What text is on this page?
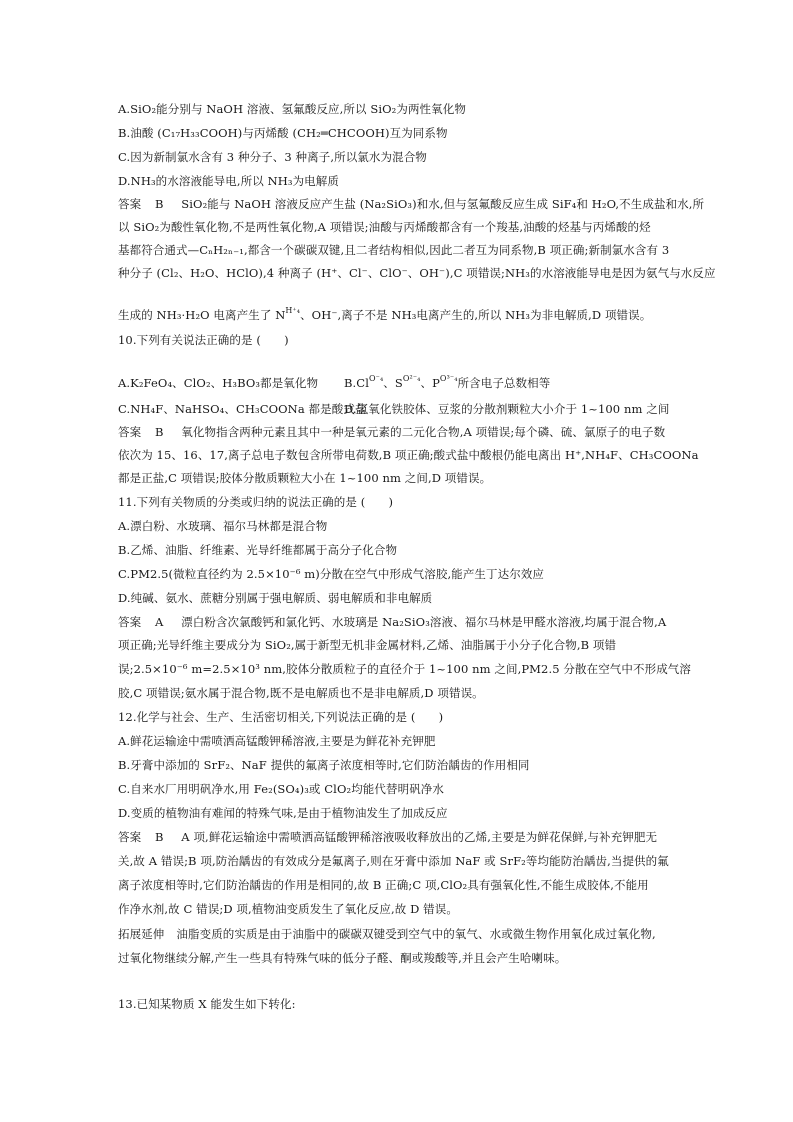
A.SiO₂能分别与 NaOH 溶液、氢氟酸反应,所以 SiO₂为两性氧化物
B.油酸 (C₁₇H₃₃COOH)与丙烯酸 (CH₂═CHCOOH)互为同系物
C.因为新制氯水含有 3 种分子、3 种离子,所以氯水为混合物
D.NH₃的水溶液能导电,所以 NH₃为电解质
答案 B SiO₂能与 NaOH 溶液反应产生盐 (Na₂SiO₃)和水,但与氢氟酸反应生成 SiF₄和 H₂O,不生成盐和水,所
以 SiO₂为酸性氧化物,不是两性氧化物,A 项错误;油酸与丙烯酸都含有一个羧基,油酸的烃基与丙烯酸的烃
基都符合通式—CₙH₂ₙ₋₁,都含一个碳碳双键,且二者结构相似,因此二者互为同系物,B 项正确;新制氯水含有 3
种分子 (Cl₂、H₂O、HClO),4 种离子 (H⁺、Cl⁻、ClO⁻、OH⁻),C 项错误;NH₃的水溶液能导电是因为氨气与水反应
生成的 NH₃·H₂O 电离产生了 $N^{H^+_4}$、OH⁻,离子不是 NH₃电离产生的,所以 NH₃为非电解质,D 项错误。
10.下列有关说法正确的是 (　　)
A.K₂FeO₄、ClO₂、H₃BO₃都是氧化物 $B.Cl^{O^-_4}$、$S^{O^{2-}_4}$、$P^{O^{3-}_4}$所含电子总数相等
C.NH₄F、NaHSO₄、CH₃COONa 都是酸式盐D.氢氧化铁胶体、豆浆的分散剂颗粒大小介于 1~100 nm 之间
答案 B 氧化物指含两种元素且其中一种是氧元素的二元化合物,A 项错误;每个磷、硫、氯原子的电子数
依次为 15、16、17,离子总电子数包含所带电荷数,B 项正确;酸式盐中酸根仍能电离出 H⁺,NH₄F、CH₃COONa
都是正盐,C 项错误;胶体分散质颗粒大小在 1~100 nm 之间,D 项错误。
11.下列有关物质的分类或归纳的说法正确的是 (　　)
A.漂白粉、水玻璃、福尔马林都是混合物
B.乙烯、油脂、纤维素、光导纤维都属于高分子化合物
C.PM2.5(微粒直径约为 2.5×10⁻⁶ m)分散在空气中形成气溶胶,能产生丁达尔效应
D.纯碱、氨水、蔗糖分别属于强电解质、弱电解质和非电解质
答案 A 漂白粉含次氯酸钙和氯化钙、水玻璃是 Na₂SiO₃溶液、福尔马林是甲醛水溶液,均属于混合物,A
项正确;光导纤维主要成分为 SiO₂,属于新型无机非金属材料,乙烯、油脂属于小分子化合物,B 项错
误;2.5×10⁻⁶ m=2.5×10³ nm,胶体分散质粒子的直径介于 1~100 nm 之间,PM2.5 分散在空气中不形成气溶
胶,C 项错误;氨水属于混合物,既不是电解质也不是非电解质,D 项错误。
12.化学与社会、生产、生活密切相关,下列说法正确的是 (　　)
A.鲜花运输途中需喷洒高锰酸钾稀溶液,主要是为鲜花补充钾肥
B.牙膏中添加的 SrF₂、NaF 提供的氟离子浓度相等时,它们防治龋齿的作用相同
C.自来水厂用明矾净水,用 Fe₂(SO₄)₃或 ClO₂均能代替明矾净水
D.变质的植物油有难闻的特殊气味,是由于植物油发生了加成反应
答案 B A 项,鲜花运输途中需喷洒高锰酸钾稀溶液吸收释放出的乙烯,主要是为鲜花保鲜,与补充钾肥无
关,故 A 错误;B 项,防治龋齿的有效成分是氟离子,则在牙膏中添加 NaF 或 SrF₂等均能防治龋齿,当提供的氟
离子浓度相等时,它们防治龋齿的作用是相同的,故 B 正确;C 项,ClO₂具有强氧化性,不能生成胶体,不能用
作净水剂,故 C 错误;D 项,植物油变质发生了氧化反应,故 D 错误。
拓展延伸 油脂变质的实质是由于油脂中的碳碳双键受到空气中的氧气、水或微生物作用氧化成过氧化物,
过氧化物继续分解,产生一些具有特殊气味的低分子醛、酮或羧酸等,并且会产生哈喇味。
13.已知某物质 X 能发生如下转化:
